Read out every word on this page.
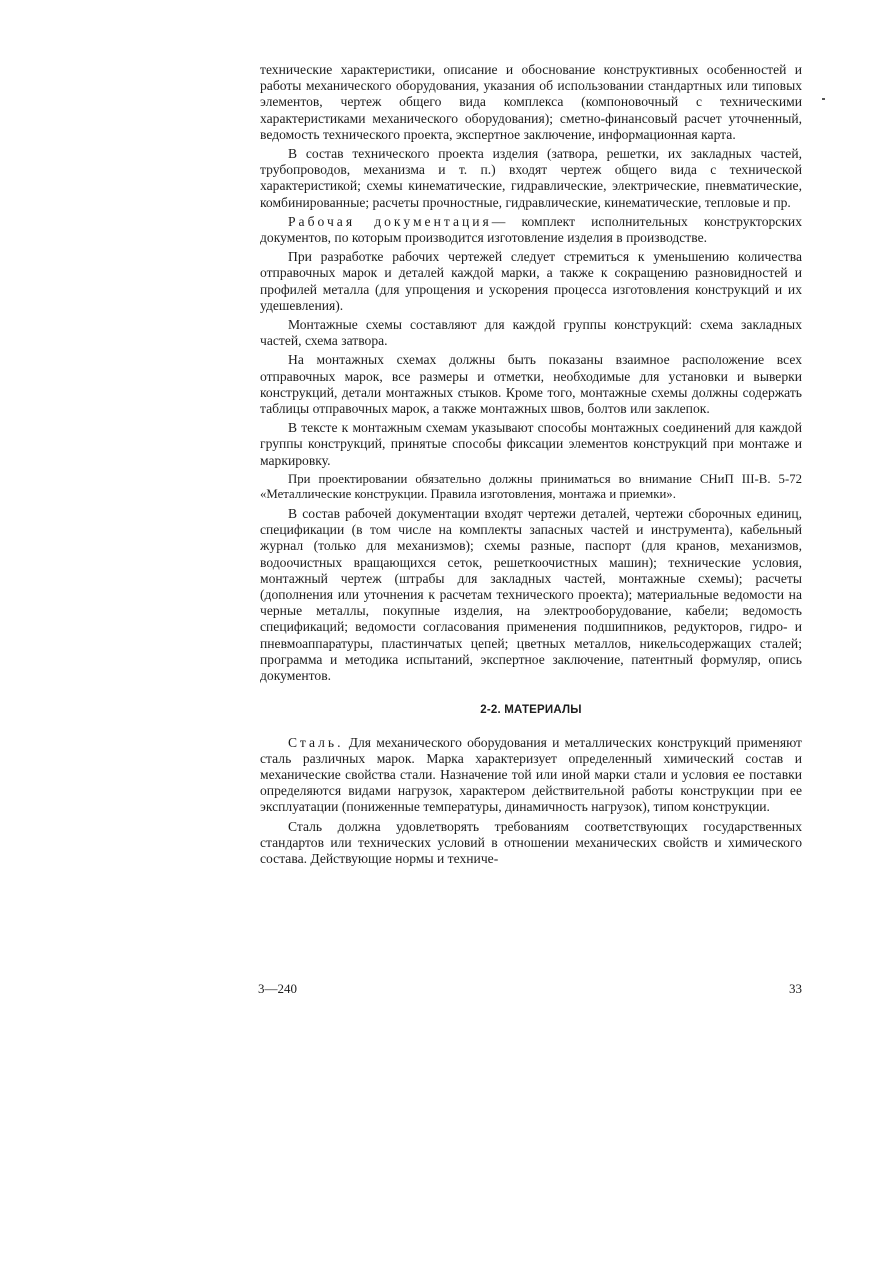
технические характеристики, описание и обоснование конструктивных особенностей и работы механического оборудования, указания об использовании стандартных или типовых элементов, чертеж общего вида комплекса (компоновочный с техническими характеристиками механического оборудования); сметно-финансовый расчет уточненный, ведомость технического проекта, экспертное заключение, информационная карта.

В состав технического проекта изделия (затвора, решетки, их закладных частей, трубопроводов, механизма и т. п.) входят чертеж общего вида с технической характеристикой; схемы кинематические, гидравлические, электрические, пневматические, комбинированные; расчеты прочностные, гидравлические, кинематические, тепловые и пр.

Рабочая документация— комплект исполнительных конструкторских документов, по которым производится изготовление изделия в производстве.

При разработке рабочих чертежей следует стремиться к уменьшению количества отправочных марок и деталей каждой марки, а также к сокращению разновидностей и профилей металла (для упрощения и ускорения процесса изготовления конструкций и их удешевления).

Монтажные схемы составляют для каждой группы конструкций: схема закладных частей, схема затвора.

На монтажных схемах должны быть показаны взаимное расположение всех отправочных марок, все размеры и отметки, необходимые для установки и выверки конструкций, детали монтажных стыков. Кроме того, монтажные схемы должны содержать таблицы отправочных марок, а также монтажных швов, болтов или заклепок.

В тексте к монтажным схемам указывают способы монтажных соединений для каждой группы конструкций, принятые способы фиксации элементов конструкций при монтаже и маркировку.

При проектировании обязательно должны приниматься во внимание СНиП III-В. 5-72 «Металлические конструкции. Правила изготовления, монтажа и приемки».

В состав рабочей документации входят чертежи деталей, чертежи сборочных единиц, спецификации (в том числе на комплекты запасных частей и инструмента), кабельный журнал (только для механизмов); схемы разные, паспорт (для кранов, механизмов, водоочистных вращающихся сеток, решеткоочистных машин); технические условия, монтажный чертеж (штрабы для закладных частей, монтажные схемы); расчеты (дополнения или уточнения к расчетам технического проекта); материальные ведомости на черные металлы, покупные изделия, на электрооборудование, кабели; ведомость спецификаций; ведомости согласования применения подшипников, редукторов, гидро- и пневмоаппаратуры, пластинчатых цепей; цветных металлов, никельсодержащих сталей; программа и методика испытаний, экспертное заключение, патентный формуляр, опись документов.

2-2. МАТЕРИАЛЫ

Сталь. Для механического оборудования и металлических конструкций применяют сталь различных марок. Марка характеризует определенный химический состав и механические свойства стали. Назначение той или иной марки стали и условия ее поставки определяются видами нагрузок, характером действительной работы конструкции при ее эксплуатации (пониженные температуры, динамичность нагрузок), типом конструкции.

Сталь должна удовлетворять требованиям соответствующих государственных стандартов или технических условий в отношении механических свойств и химического состава. Действующие нормы и техниче-

3—240	33
